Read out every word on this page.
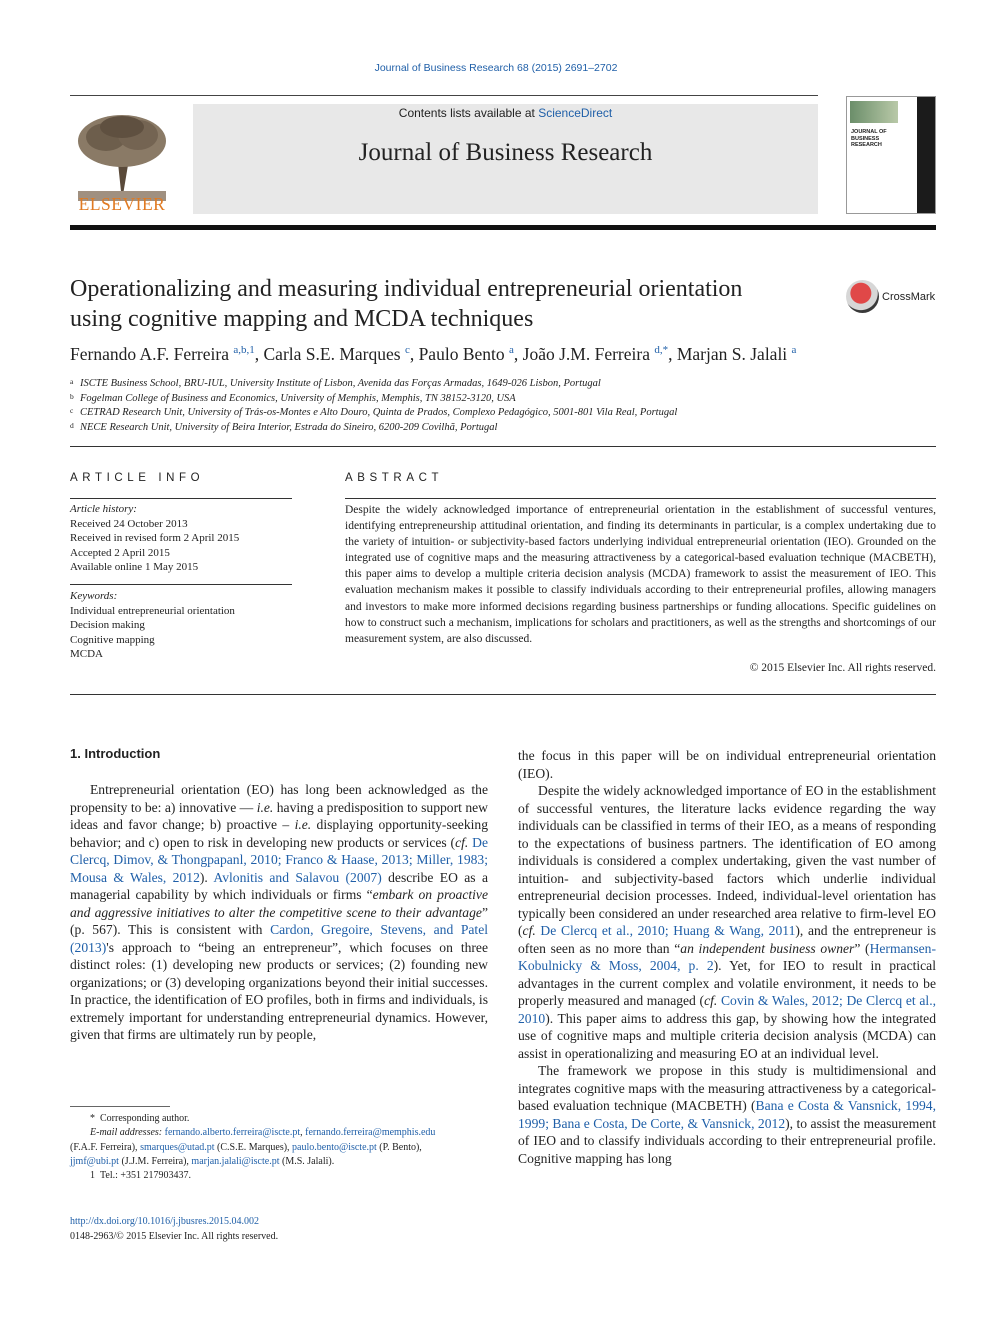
Journal of Business Research 68 (2015) 2691–2702
ELSEVIER
Contents lists available at ScienceDirect
Journal of Business Research
JOURNAL OF BUSINESS RESEARCH
Operationalizing and measuring individual entrepreneurial orientation
using cognitive mapping and MCDA techniques
CrossMark
Fernando A.F. Ferreira $^{a,b,1}$, Carla S.E. Marques $^c$, Paulo Bento $^a$, João J.M. Ferreira $^{d,*}$, Marjan S. Jalali $^a$
a ISCTE Business School, BRU-IUL, University Institute of Lisbon, Avenida das Forças Armadas, 1649-026 Lisbon, Portugal
b Fogelman College of Business and Economics, University of Memphis, Memphis, TN 38152-3120, USA
c CETRAD Research Unit, University of Trás-os-Montes e Alto Douro, Quinta de Prados, Complexo Pedagógico, 5001-801 Vila Real, Portugal
d NECE Research Unit, University of Beira Interior, Estrada do Sineiro, 6200-209 Covilhã, Portugal
ARTICLE INFO
Article history:
Received 24 October 2013
Received in revised form 2 April 2015
Accepted 2 April 2015
Available online 1 May 2015
Keywords:
Individual entrepreneurial orientation
Decision making
Cognitive mapping
MCDA
ABSTRACT
Despite the widely acknowledged importance of entrepreneurial orientation in the establishment of successful ventures, identifying entrepreneurship attitudinal orientation, and finding its determinants in particular, is a complex undertaking due to the variety of intuition- or subjectivity-based factors underlying individual entrepreneurial orientation (IEO). Grounded on the integrated use of cognitive maps and the measuring attractiveness by a categorical-based evaluation technique (MACBETH), this paper aims to develop a multiple criteria decision analysis (MCDA) framework to assist the measurement of IEO. This evaluation mechanism makes it possible to classify individuals according to their entrepreneurial profiles, allowing managers and investors to make more informed decisions regarding business partnerships or funding allocations. Specific guidelines on how to construct such a mechanism, implications for scholars and practitioners, as well as the strengths and shortcomings of our measurement system, are also discussed.
© 2015 Elsevier Inc. All rights reserved.
1. Introduction

Entrepreneurial orientation (EO) has long been acknowledged as the propensity to be: a) innovative — i.e. having a predisposition to support new ideas and favor change; b) proactive – i.e. displaying opportunity-seeking behavior; and c) open to risk in developing new products or services (cf. De Clercq, Dimov, & Thongpapanl, 2010; Franco & Haase, 2013; Miller, 1983; Mousa & Wales, 2012). Avlonitis and Salavou (2007) describe EO as a managerial capability by which individuals or firms “embark on proactive and aggressive initiatives to alter the competitive scene to their advantage” (p. 567). This is consistent with Cardon, Gregoire, Stevens, and Patel (2013)'s approach to “being an entrepreneur”, which focuses on three distinct roles: (1) developing new products or services; (2) founding new organizations; or (3) developing organizations beyond their initial successes. In practice, the identification of EO profiles, both in firms and individuals, is extremely important for understanding entrepreneurial dynamics. However, given that firms are ultimately run by people,

the focus in this paper will be on individual entrepreneurial orientation (IEO).

Despite the widely acknowledged importance of EO in the establishment of successful ventures, the literature lacks evidence regarding the way individuals can be classified in terms of their IEO, as a means of responding to the expectations of business partners. The identification of EO among individuals is considered a complex undertaking, given the vast number of intuition- and subjectivity-based factors which underlie individual entrepreneurial decision processes. Indeed, individual-level orientation has typically been considered an under researched area relative to firm-level EO (cf. De Clercq et al., 2010; Huang & Wang, 2011), and the entrepreneur is often seen as no more than “an independent business owner” (Hermansen-Kobulnicky & Moss, 2004, p. 2). Yet, for IEO to result in practical advantages in the current complex and volatile environment, it needs to be properly measured and managed (cf. Covin & Wales, 2012; De Clercq et al., 2010). This paper aims to address this gap, by showing how the integrated use of cognitive maps and multiple criteria decision analysis (MCDA) can assist in operationalizing and measuring EO at an individual level.

The framework we propose in this study is multidimensional and integrates cognitive maps with the measuring attractiveness by a categorical-based evaluation technique (MACBETH) (Bana e Costa & Vansnick, 1994, 1999; Bana e Costa, De Corte, & Vansnick, 2012), to assist the measurement of IEO and to classify individuals according to their entrepreneurial profile. Cognitive mapping has long

*  Corresponding author.
E-mail addresses: fernando.alberto.ferreira@iscte.pt, fernando.ferreira@memphis.edu
(F.A.F. Ferreira), smarques@utad.pt (C.S.E. Marques), paulo.bento@iscte.pt (P. Bento),
jjmf@ubi.pt (J.J.M. Ferreira), marjan.jalali@iscte.pt (M.S. Jalali).
1  Tel.: +351 217903437.
http://dx.doi.org/10.1016/j.jbusres.2015.04.002
0148-2963/© 2015 Elsevier Inc. All rights reserved.
